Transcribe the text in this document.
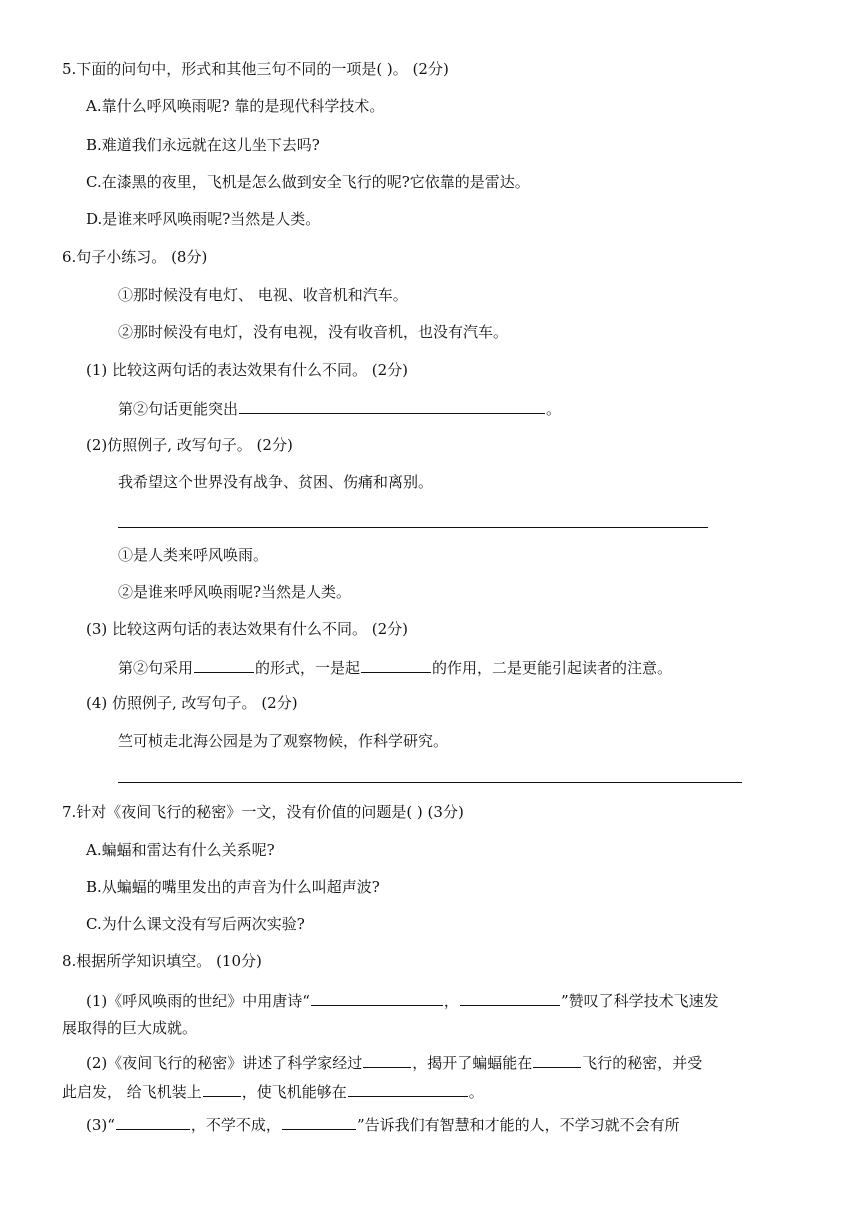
5.下面的问句中，形式和其他三句不同的一项是( )。 (2分)
A.靠什么呼风唤雨呢? 靠的是现代科学技术。
B.难道我们永远就在这儿坐下去吗?
C.在漆黑的夜里，飞机是怎么做到安全飞行的呢?它依靠的是雷达。
D.是谁来呼风唤雨呢?当然是人类。
6.句子小练习。 (8分)
①那时候没有电灯、 电视、收音机和汽车。
②那时候没有电灯，没有电视，没有收音机，也没有汽车。
(1) 比较这两句话的表达效果有什么不同。 (2分)
第②句话更能突出	。
(2)仿照例子, 改写句子。 (2分)
我希望这个世界没有战争、贫困、伤痛和离别。
①是人类来呼风唤雨。
②是谁来呼风唤雨呢?当然是人类。
(3) 比较这两句话的表达效果有什么不同。 (2分)
第②句采用	的形式，一是起	的作用，二是更能引起读者的注意。
(4) 仿照例子, 改写句子。 (2分)
竺可桢走北海公园是为了观察物候，作科学研究。
7.针对《夜间飞行的秘密》一文，没有价值的问题是( ) (3分)
A.蝙蝠和雷达有什么关系呢?
B.从蝙蝠的嘴里发出的声音为什么叫超声波?
C.为什么课文没有写后两次实验?
8.根据所学知识填空。 (10分)
(1)《呼风唤雨的世纪》中用唐诗“	，	”赞叹了科学技术飞速发
展取得的巨大成就。
(2)《夜间飞行的秘密》讲述了科学家经过	，揭开了蝙蝠能在	飞行的秘密，并受
此启发， 给飞机装上	，使飞机能够在	。
(3)“	，不学不成，	”告诉我们有智慧和才能的人，不学习就不会有所
